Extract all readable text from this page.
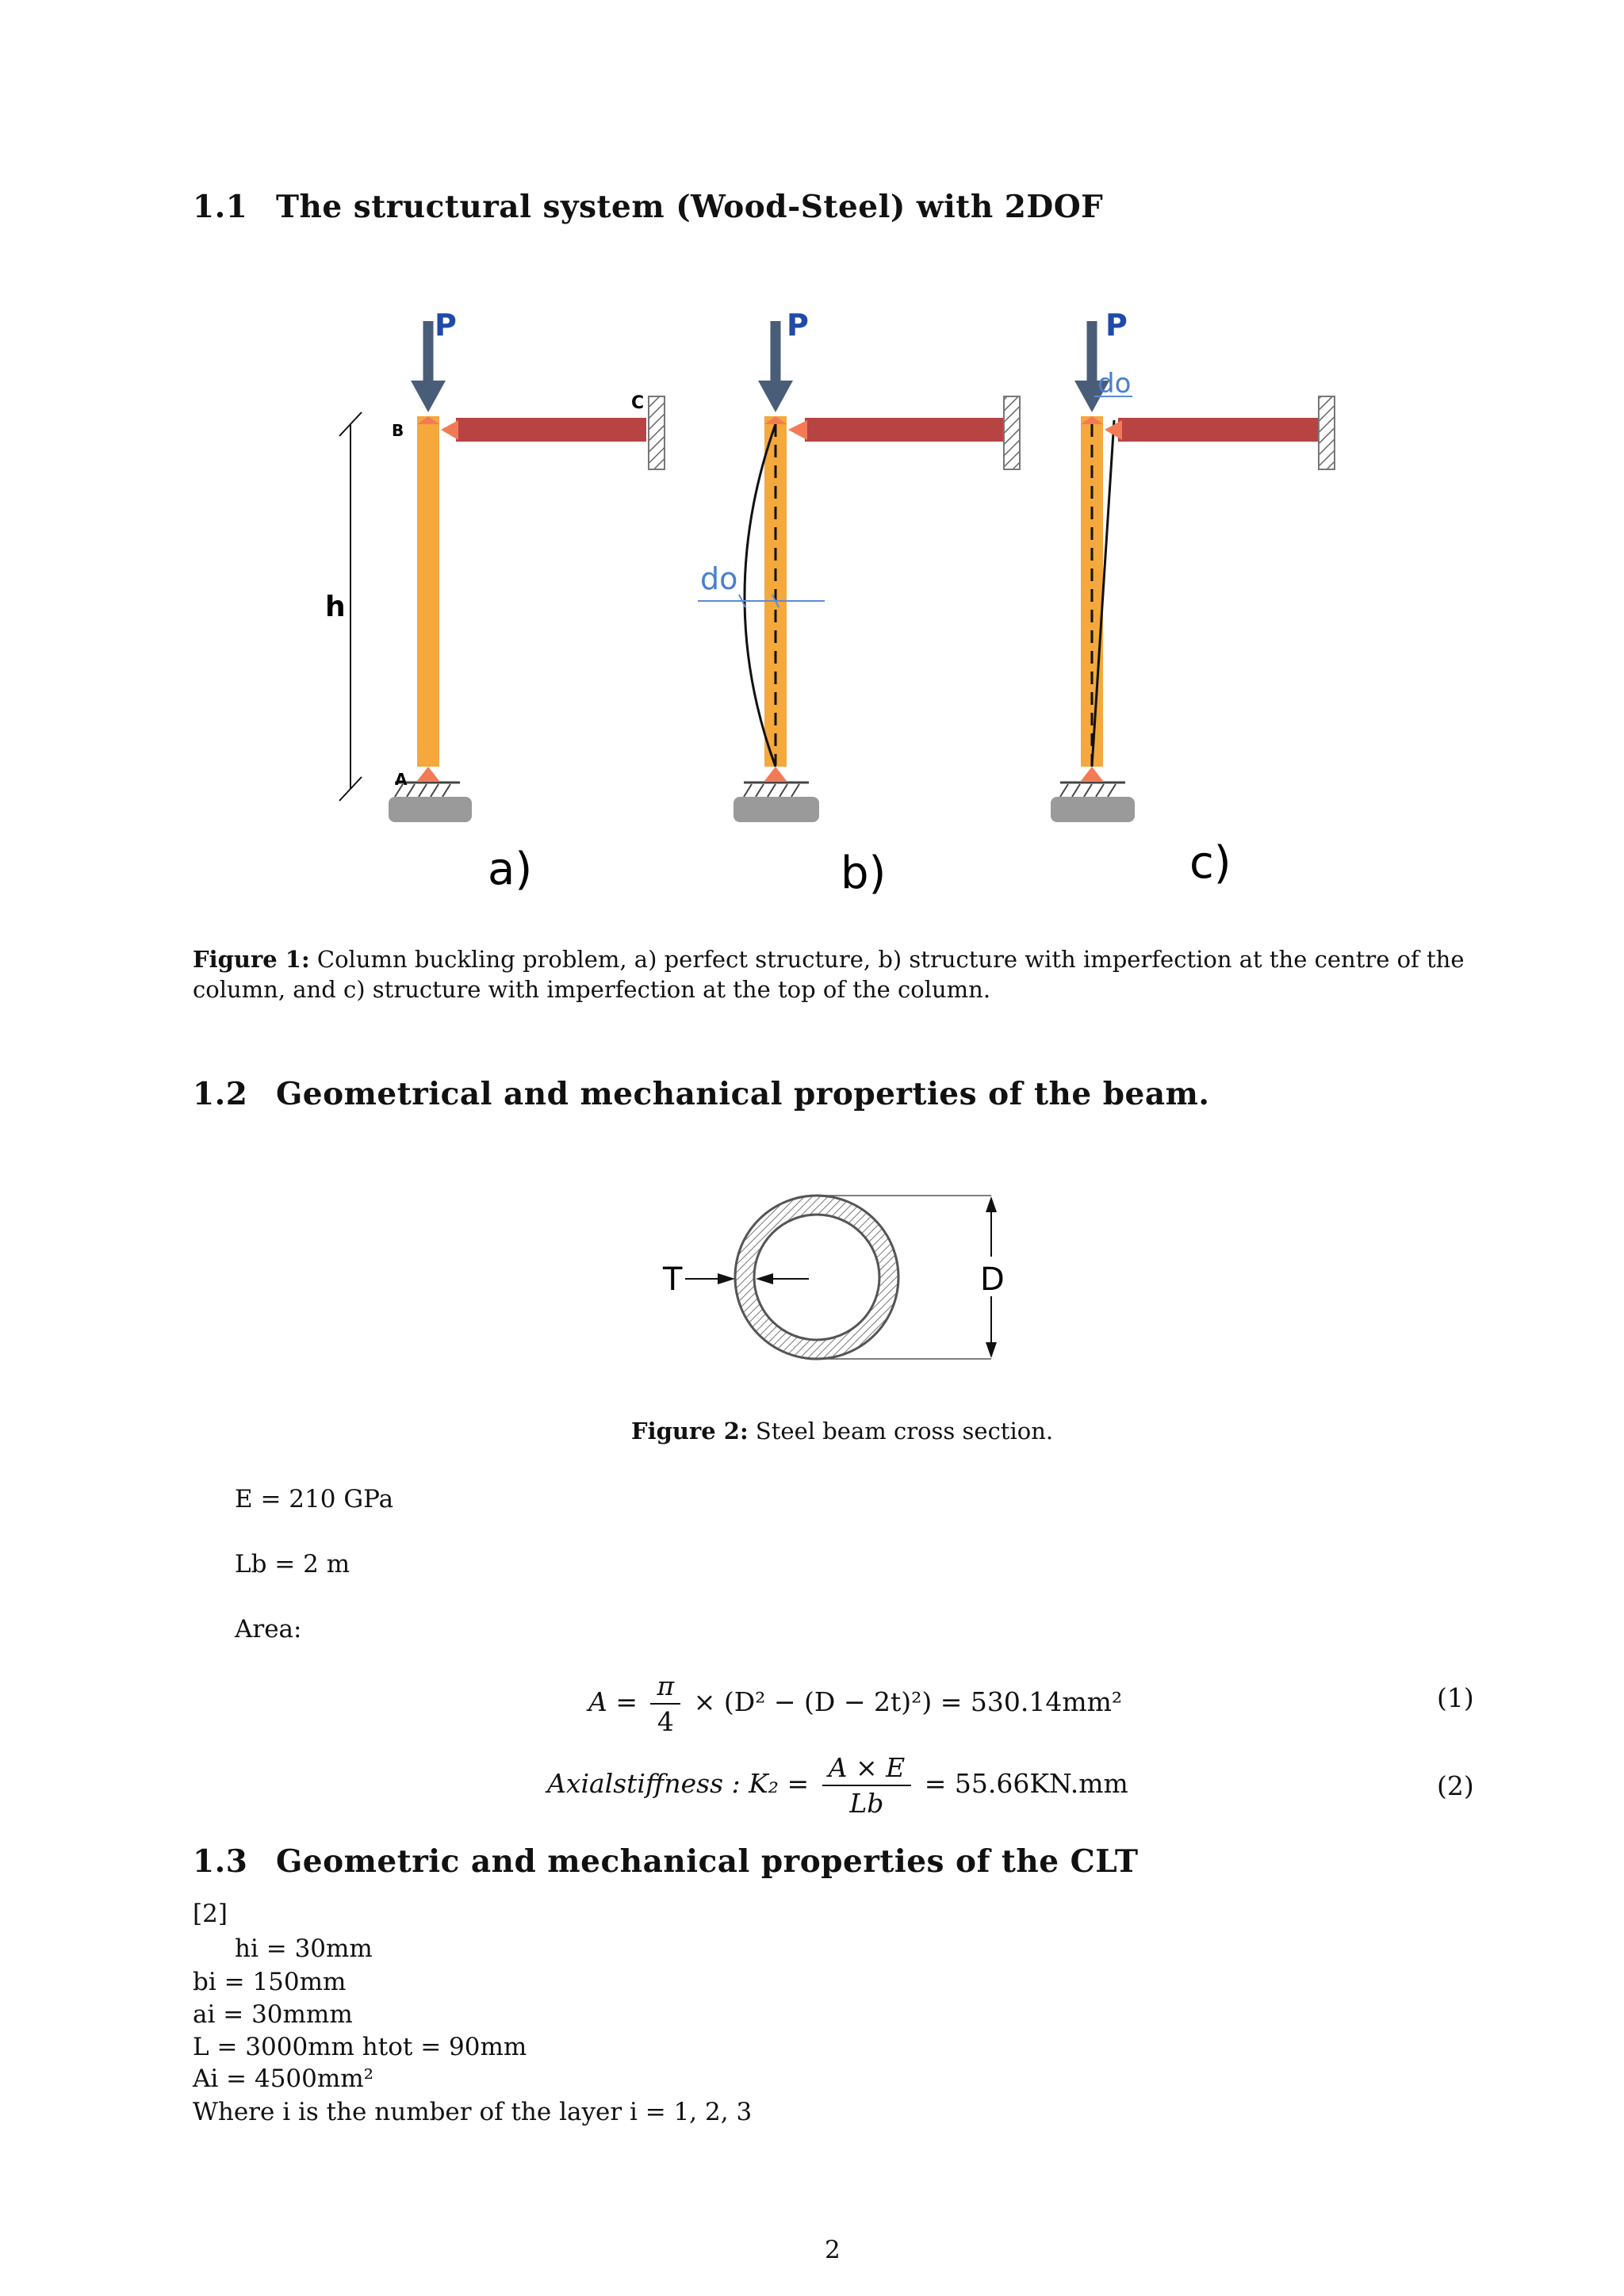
1.1 The structural system (Wood-Steel) with 2DOF
h
P
B
C
A
a)
P
do
b)
P
do
c)
Figure 1: Column buckling problem, a) perfect structure, b) structure with imperfection at the centre of the column, and c) structure with imperfection at the top of the column.
1.2 Geometrical and mechanical properties of the beam.
D
T
Figure 2: Steel beam cross section.
E = 210 GPa
Lb = 2 m
Area:
$A = \frac{\pi}{4} \times (D^2 - (D - 2t)^2) = 530.14mm^2$	(1)
Axialstiffness : $K_2 = \frac{A \times E}{Lb} = 55.66KN.mm$	(2)
1.3 Geometric and mechanical properties of the CLT
[2]
hi = 30mm
bi = 150mm
ai = 30mmm
L = 3000mm htot = 90mm
Ai = 4500mm²
Where i is the number of the layer i = 1, 2, 3
2
